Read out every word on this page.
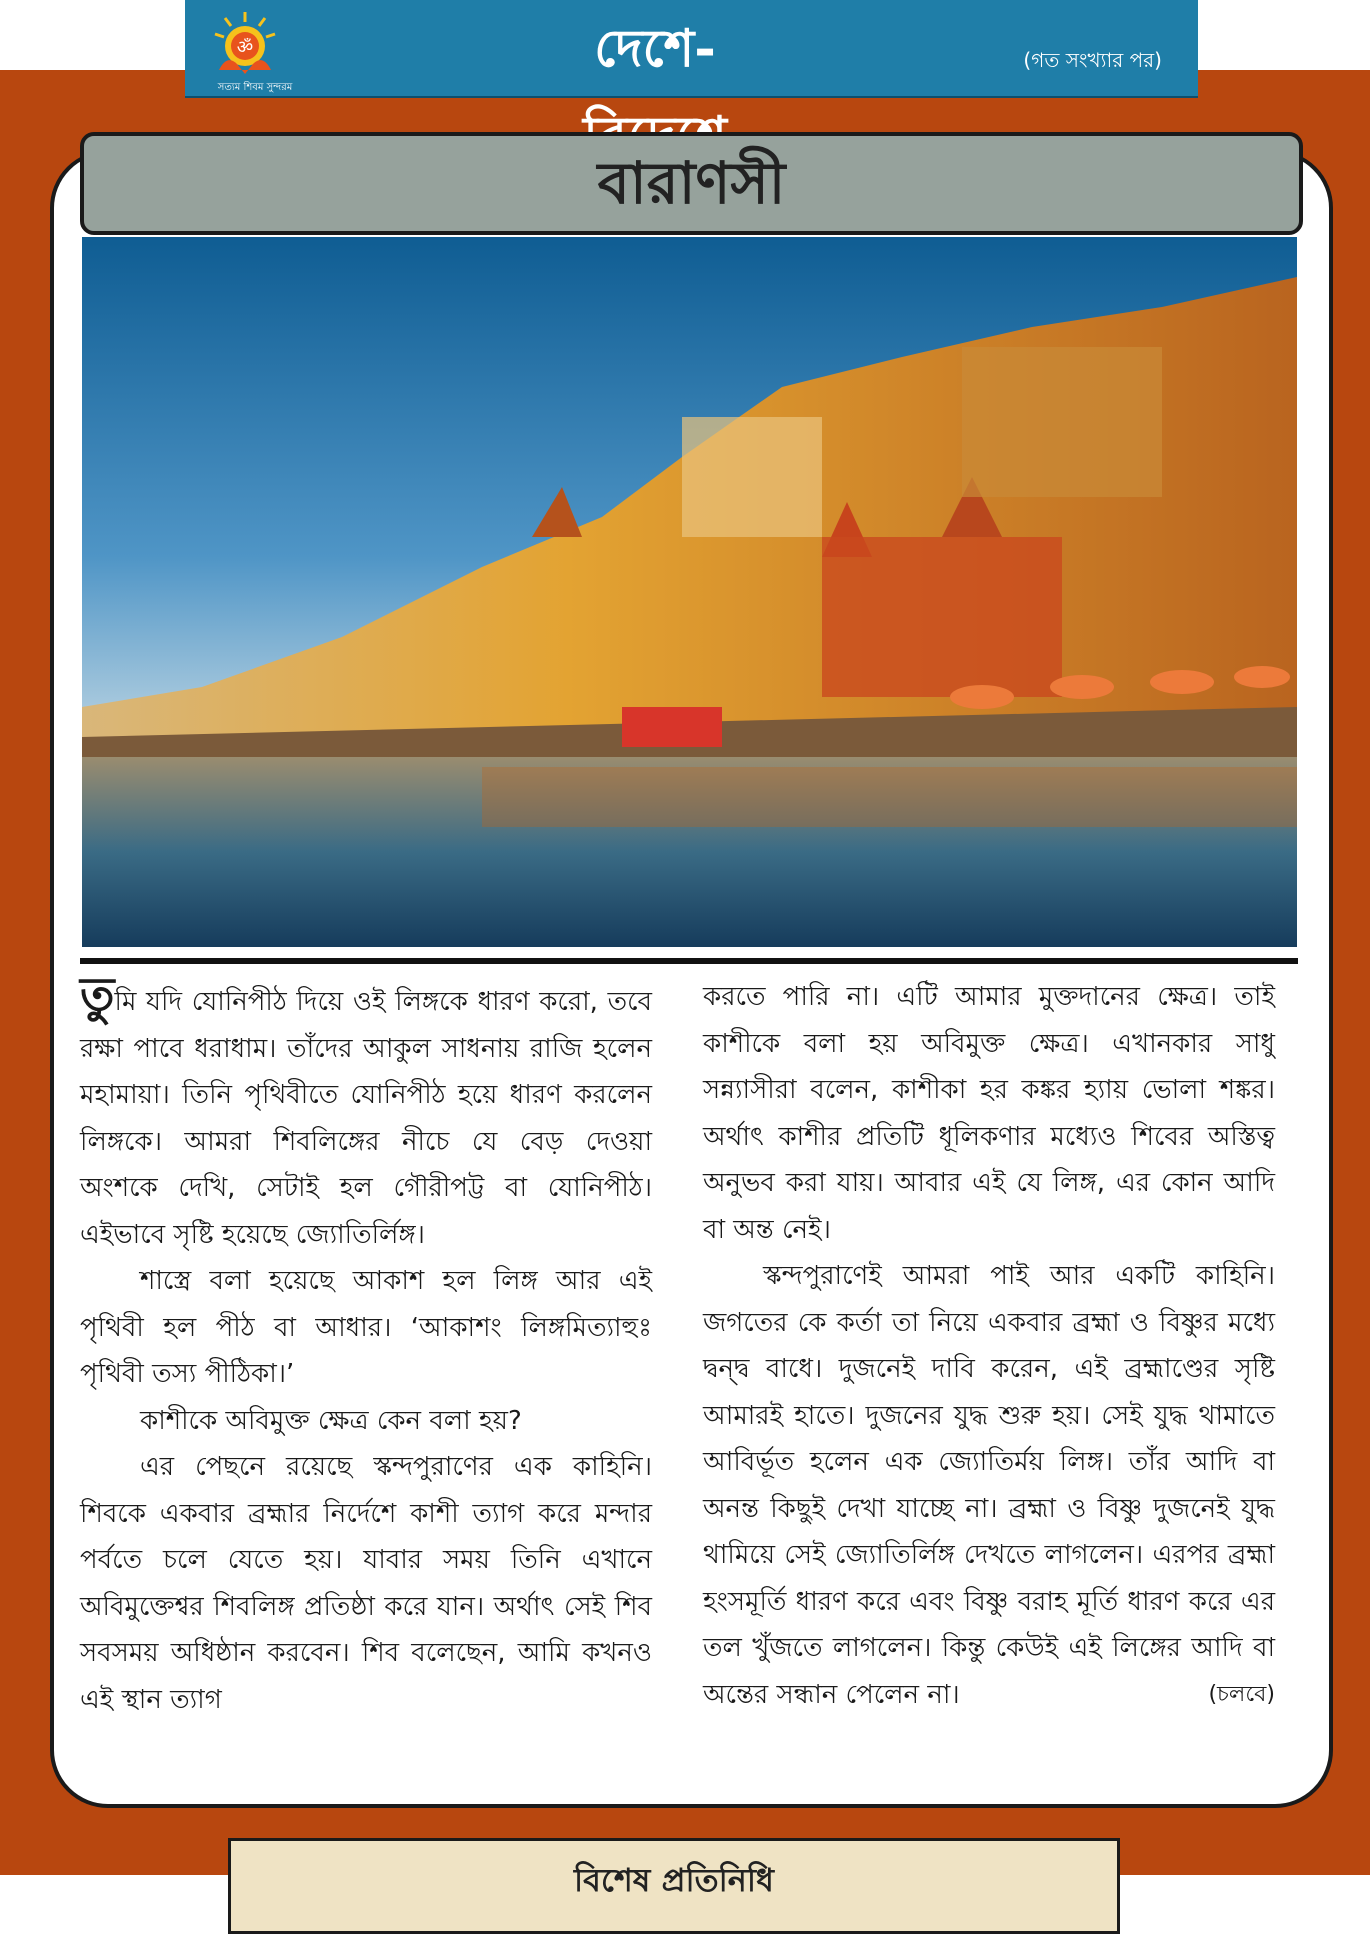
ॐ
সত্যম শিবম সুন্দরম
দেশে-	(গত সংখ্যার পর)
বারাণসী

তুমি যদি যোনিপীঠ দিয়ে ওই লিঙ্গকে ধারণ করো, তবে রক্ষা পাবে ধরাধাম। তাঁদের আকুল সাধনায় রাজি হলেন মহামায়া। তিনি পৃথিবীতে যোনিপীঠ হয়ে ধারণ করলেন লিঙ্গকে। আমরা শিবলিঙ্গের নীচে যে বেড় দেওয়া অংশকে দেখি, সেটাই হল গৌরীপট্ট বা যোনিপীঠ। এইভাবে সৃষ্টি হয়েছে জ্যোতির্লিঙ্গ।

শাস্ত্রে বলা হয়েছে আকাশ হল লিঙ্গ আর এই পৃথিবী হল পীঠ বা আধার। ‘আকাশং লিঙ্গমিত্যাহুঃ পৃথিবী তস্য পীঠিকা।’

কাশীকে অবিমুক্ত ক্ষেত্র কেন বলা হয়?

এর পেছনে রয়েছে স্কন্দপুরাণের এক কাহিনি। শিবকে একবার ব্রহ্মার নির্দেশে কাশী ত্যাগ করে মন্দার পর্বতে চলে যেতে হয়। যাবার সময় তিনি এখানে অবিমুক্তেশ্বর শিবলিঙ্গ প্রতিষ্ঠা করে যান। অর্থাৎ সেই শিব সবসময় অধিষ্ঠান করবেন। শিব বলেছেন, আমি কখনও এই স্থান ত্যাগ

করতে পারি না। এটি আমার মুক্তদানের ক্ষেত্র। তাই কাশীকে বলা হয় অবিমুক্ত ক্ষেত্র। এখানকার সাধু সন্ন্যাসীরা বলেন, কাশীকা হর কঙ্কর হ্যায় ভোলা শঙ্কর। অর্থাৎ কাশীর প্রতিটি ধূলিকণার মধ্যেও শিবের অস্তিত্ব অনুভব করা যায়। আবার এই যে লিঙ্গ, এর কোন আদি বা অন্ত নেই।

স্কন্দপুরাণেই আমরা পাই আর একটি কাহিনি। জগতের কে কর্তা তা নিয়ে একবার ব্রহ্মা ও বিষ্ণুর মধ্যে দ্বন্দ্ব বাধে। দুজনেই দাবি করেন, এই ব্রহ্মাণ্ডের সৃষ্টি আমারই হাতে। দুজনের যুদ্ধ শুরু হয়। সেই যুদ্ধ থামাতে আবির্ভূত হলেন এক জ্যোতির্ময় লিঙ্গ। তাঁর আদি বা অনন্ত কিছুই দেখা যাচ্ছে না। ব্রহ্মা ও বিষ্ণু দুজনেই যুদ্ধ থামিয়ে সেই জ্যোতির্লিঙ্গ দেখতে লাগলেন। এরপর ব্রহ্মা হংসমূর্তি ধারণ করে এবং বিষ্ণু বরাহ মূর্তি ধারণ করে এর তল খুঁজতে লাগলেন। কিন্তু কেউই এই লিঙ্গের আদি বা অন্তের সন্ধান পেলেন না।	(চলবে)

বিশেষ প্রতিনিধি
